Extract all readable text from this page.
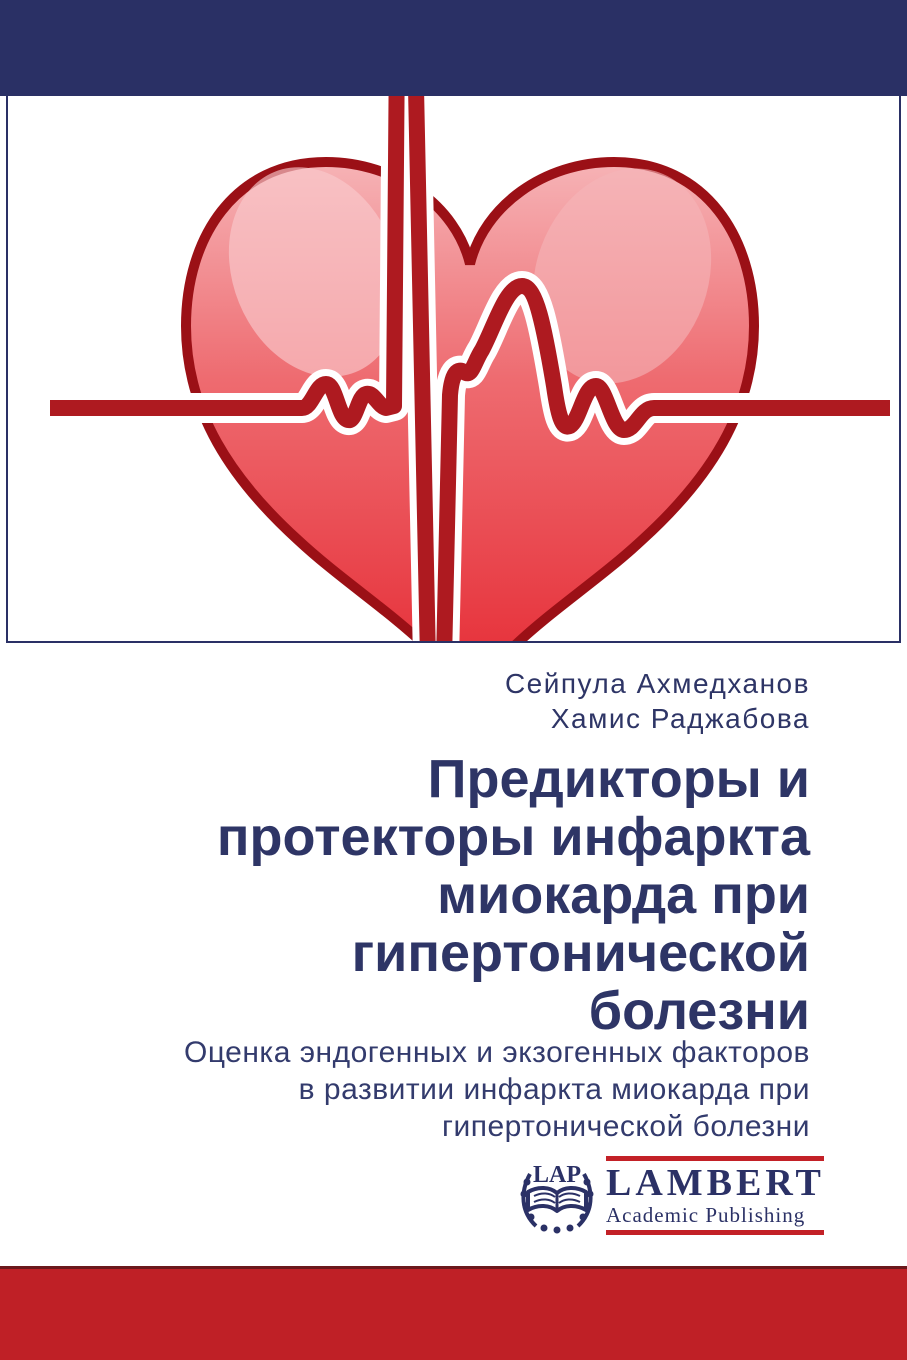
Сейпула Ахмедханов
Хамис Раджабова
Предикторы и
протекторы инфаркта
миокарда при
гипертонической
болезни
Оценка эндогенных и экзогенных факторов
в развитии инфаркта миокарда при
гипертонической болезни
LAP LAMBERT
Academic Publishing
